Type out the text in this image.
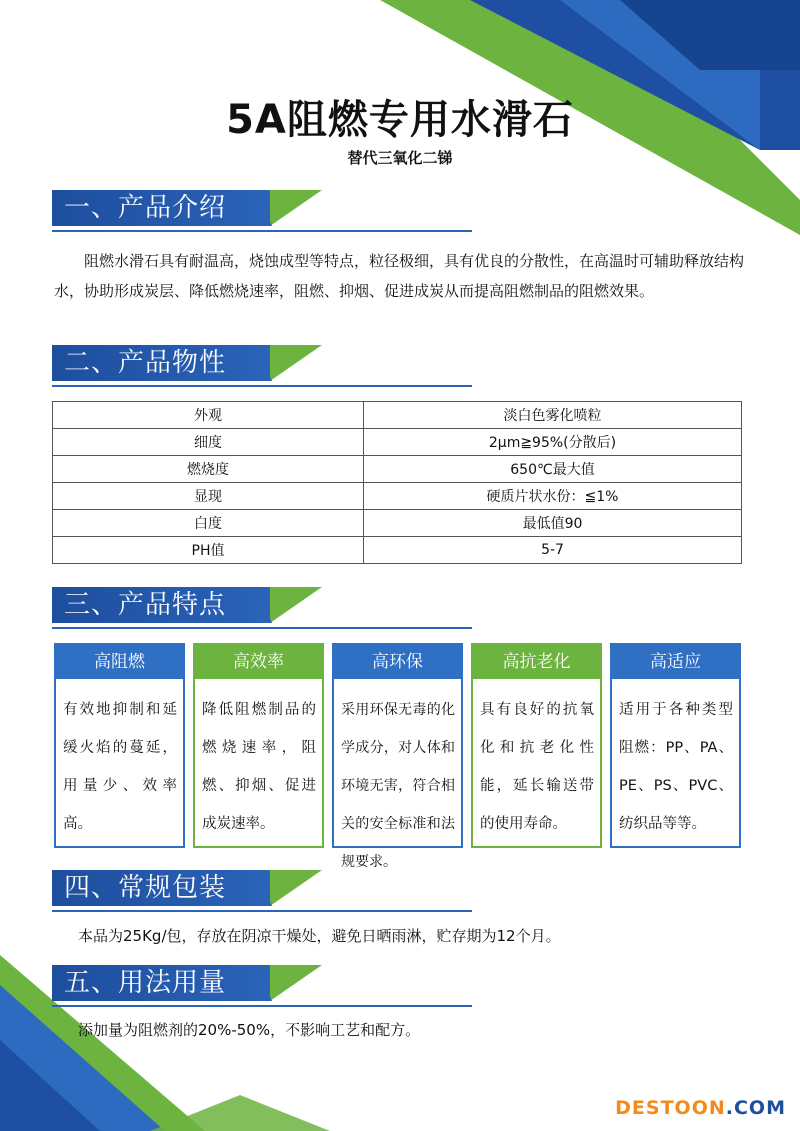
5A阻燃专用水滑石
替代三氧化二锑
一、产品介绍
阻燃水滑石具有耐温高，烧蚀成型等特点，粒径极细，具有优良的分散性，在高温时可辅助释放结构水，协助形成炭层、降低燃烧速率，阻燃、抑烟、促进成炭从而提高阻燃制品的阻燃效果。
二、产品物性
外观	淡白色雾化喷粒
细度	2μm≧95%(分散后)
燃烧度	650℃最大值
显现	硬质片状水份：≦1%
白度	最低值90
PH值	5-7
三、产品特点
高阻燃
有效地抑制和延缓火焰的蔓延，用量少、效率高。
高效率
降低阻燃制品的燃烧速率，阻燃、抑烟、促进成炭速率。
高环保
采用环保无毒的化学成分，对人体和环境无害，符合相关的安全标准和法规要求。
高抗老化
具有良好的抗氧化和抗老化性能，延长输送带的使用寿命。
高适应
适用于各种类型阻燃：PP、PA、PE、PS、PVC、纺织品等等。
四、常规包装
本品为25Kg/包，存放在阴凉干燥处，避免日晒雨淋，贮存期为12个月。
五、用法用量
添加量为阻燃剂的20%-50%，不影响工艺和配方。
DESTOON.COM
